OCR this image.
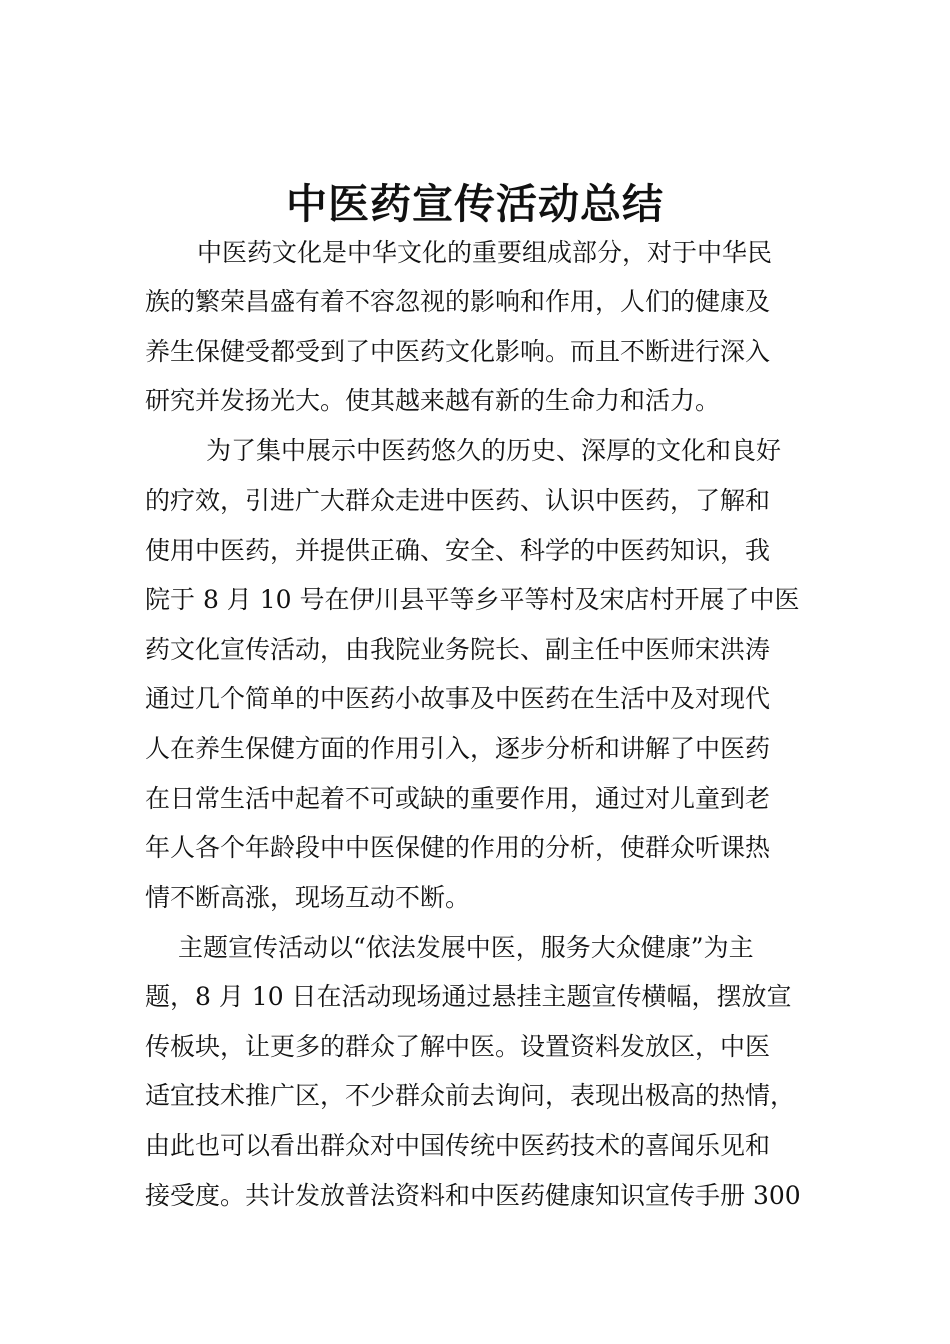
中医药宣传活动总结
中医药文化是中华文化的重要组成部分，对于中华民
族的繁荣昌盛有着不容忽视的影响和作用，人们的健康及
养生保健受都受到了中医药文化影响。而且不断进行深入
研究并发扬光大。使其越来越有新的生命力和活力。
为了集中展示中医药悠久的历史、深厚的文化和良好
的疗效，引进广大群众走进中医药、认识中医药，了解和
使用中医药，并提供正确、安全、科学的中医药知识，我
院于 8 月 10 号在伊川县平等乡平等村及宋店村开展了中医
药文化宣传活动，由我院业务院长、副主任中医师宋洪涛
通过几个简单的中医药小故事及中医药在生活中及对现代
人在养生保健方面的作用引入，逐步分析和讲解了中医药
在日常生活中起着不可或缺的重要作用，通过对儿童到老
年人各个年龄段中中医保健的作用的分析，使群众听课热
情不断高涨，现场互动不断。
主题宣传活动以“依法发展中医，服务大众健康”为主
题，8 月 10 日在活动现场通过悬挂主题宣传横幅，摆放宣
传板块，让更多的群众了解中医。设置资料发放区，中医
适宜技术推广区，不少群众前去询问，表现出极高的热情，
由此也可以看出群众对中国传统中医药技术的喜闻乐见和
接受度。共计发放普法资料和中医药健康知识宣传手册 300
